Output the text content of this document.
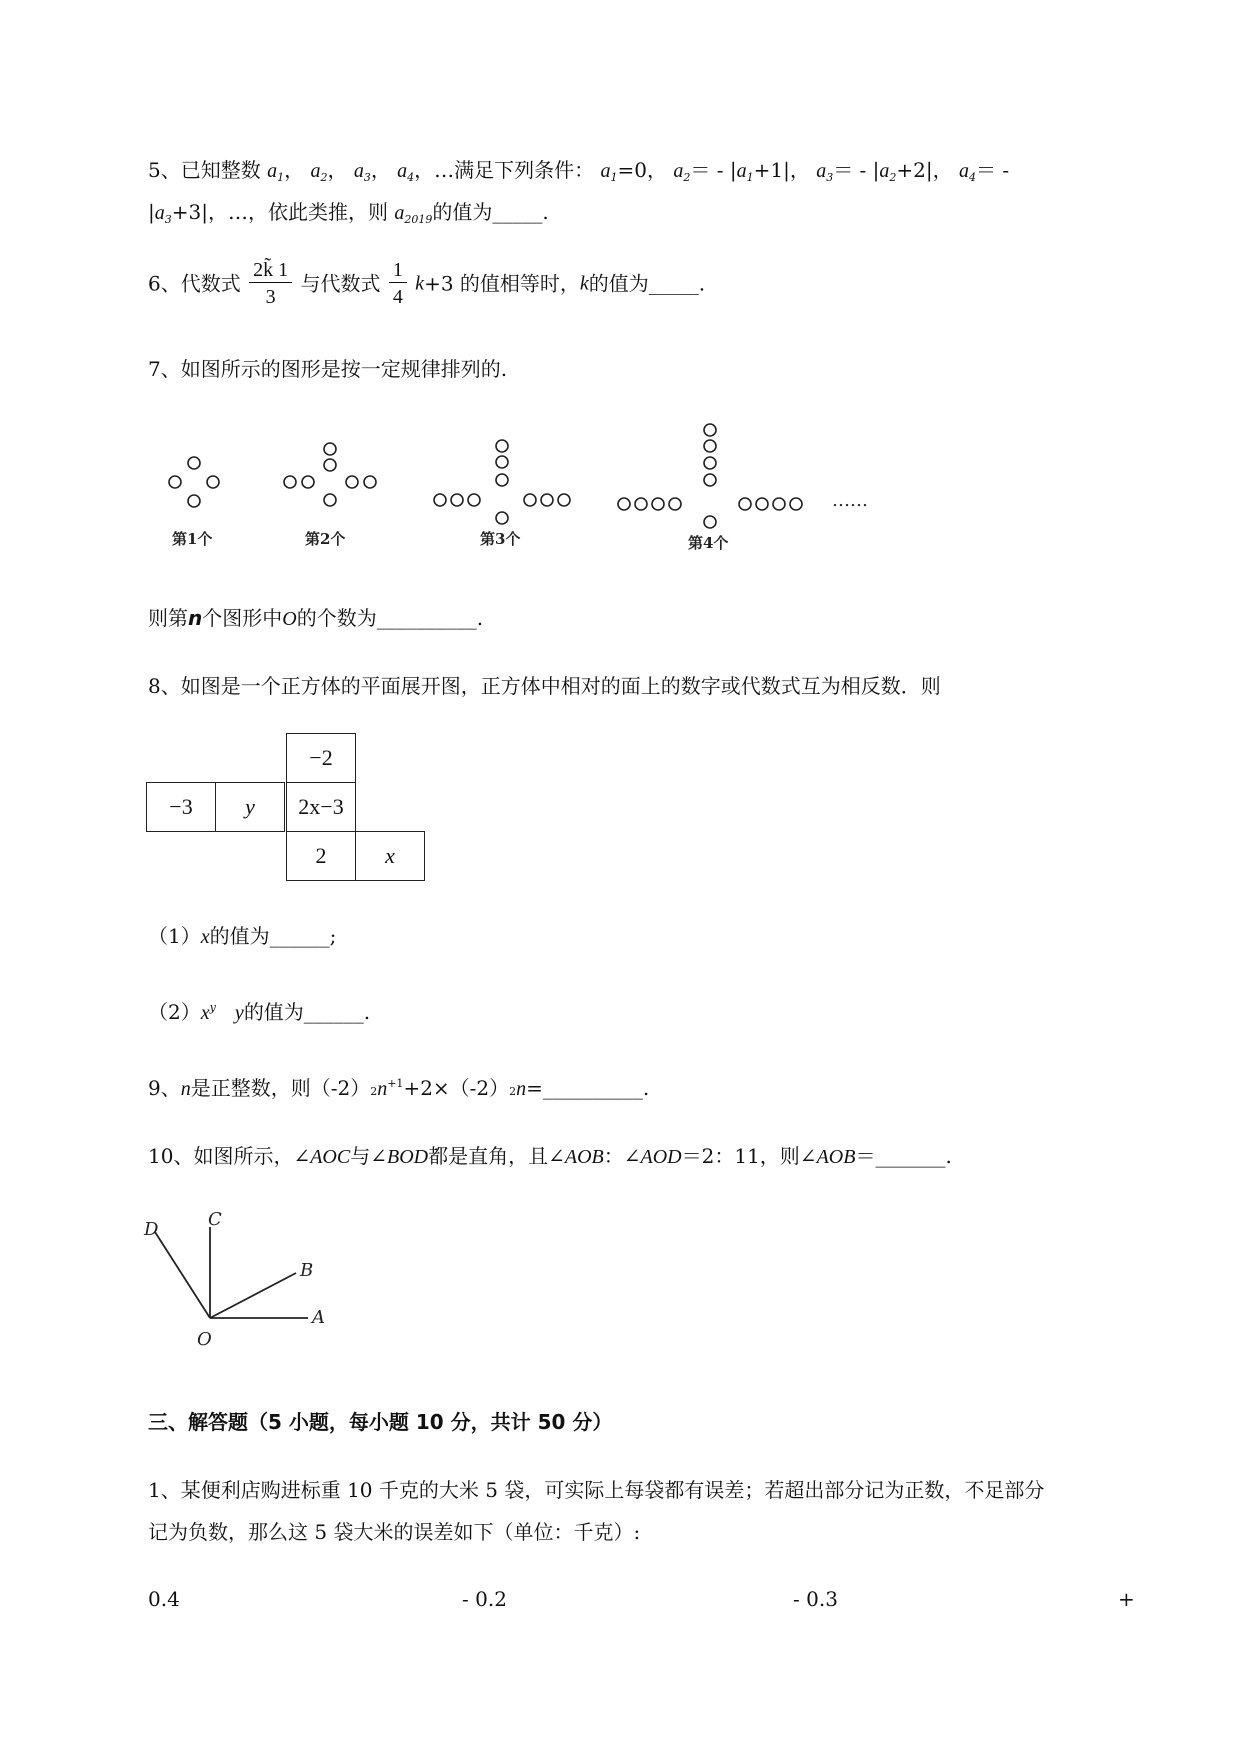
5、已知整数 $a_1$， $a_2$， $a_3$， $a_4$，…满足下列条件： $a_1=0$， $a_2= - |a_1+1|$， $a_3= - |a_2+2|$， $a_4=$ -
$|a_3+3|$，…，依此类推，则 $a_{2019}$的值为_____.
6、代数式 $\frac{2k̃ 1}{3}$ 与代数式 $\frac{1}{4} k+3$ 的值相等时，k的值为_____.
7、如图所示的图形是按一定规律排列的.
……
第1个	第2个	第3个	第4个
则第n个图形中O的个数为__________.
8、如图是一个正方体的平面展开图，正方体中相对的面上的数字或代数式互为相反数．则
−2
−3	y	2x−3
2	x
（1）x的值为______;
$(2)x^y$ y的值为______.
9、n是正整数，则$(-2)2n^{+1}+2\times(-2)2n=\_\_\_\_\_\_\_\_\_\_$.
10、如图所示，∠AOC与∠BOD都是直角，且∠AOB：∠AOD＝2：11，则∠AOB＝_______.
D	C
B
A
O
三、解答题（5 小题，每小题 10 分，共计 50 分）
1、某便利店购进标重 10 千克的大米 5 袋，可实际上每袋都有误差；若超出部分记为正数，不足部分
记为负数，那么这 5 袋大米的误差如下（单位：千克）:
0.4	- 0.2	- 0.3	+
